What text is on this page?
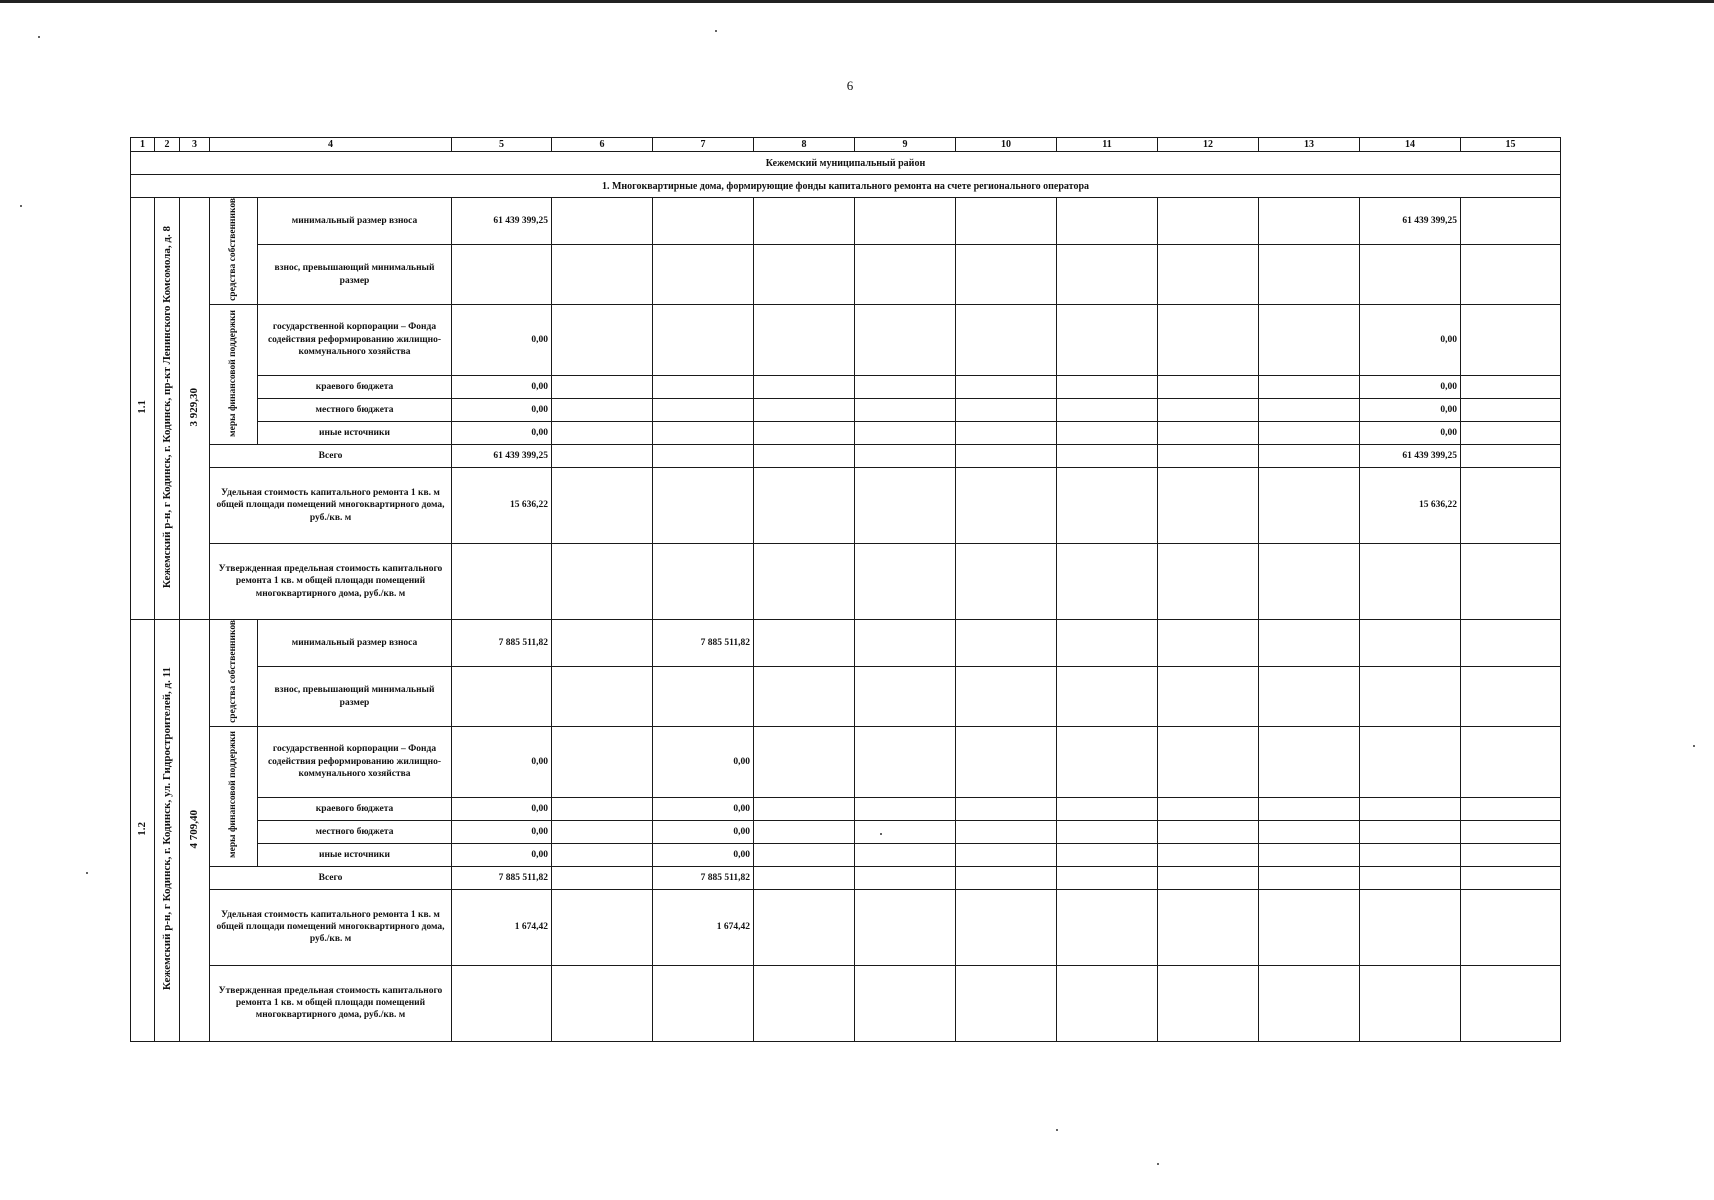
6
1	2	3	4		5	6	7	8	9	10	11	12	13	14	15
Кежемский муниципальный район															
1. Многоквартирные дома, формирующие фонды капитального ремонта на счете регионального оператора															
1.1	Кежемский р-н, г Кодинск, г. Кодинск, пр-кт Ленинского Комсомола, д. 8	3 929,30	средства собственников	минимальный размер взноса	61 439 399,25									61 439 399,25	
				взнос, превышающий минимальный размер											
			меры финансовой поддержки	государственной корпорации – Фонда содействия реформированию жилищно-коммунального хозяйства	0,00									0,00	
				краевого бюджета	0,00									0,00	
				местного бюджета	0,00									0,00	
				иные источники	0,00									0,00	
			Всего		61 439 399,25									61 439 399,25	
			Удельная стоимость капитального ремонта 1 кв. м общей площади помещений многоквартирного дома, руб./кв. м		15 636,22									15 636,22	
			Утвержденная предельная стоимость капитального ремонта 1 кв. м общей площади помещений многоквартирного дома, руб./кв. м												
1.2	Кежемский р-н, г Кодинск, г. Кодинск, ул. Гидростроителей, д. 11	4 709,40	средства собственников	минимальный размер взноса	7 885 511,82		7 885 511,82								
				взнос, превышающий минимальный размер											
			меры финансовой поддержки	государственной корпорации – Фонда содействия реформированию жилищно-коммунального хозяйства	0,00		0,00								
				краевого бюджета	0,00		0,00								
				местного бюджета	0,00		0,00								
				иные источники	0,00		0,00								
			Всего		7 885 511,82		7 885 511,82								
			Удельная стоимость капитального ремонта 1 кв. м общей площади помещений многоквартирного дома, руб./кв. м		1 674,42		1 674,42								
			Утвержденная предельная стоимость капитального ремонта 1 кв. м общей площади помещений многоквартирного дома, руб./кв. м												
